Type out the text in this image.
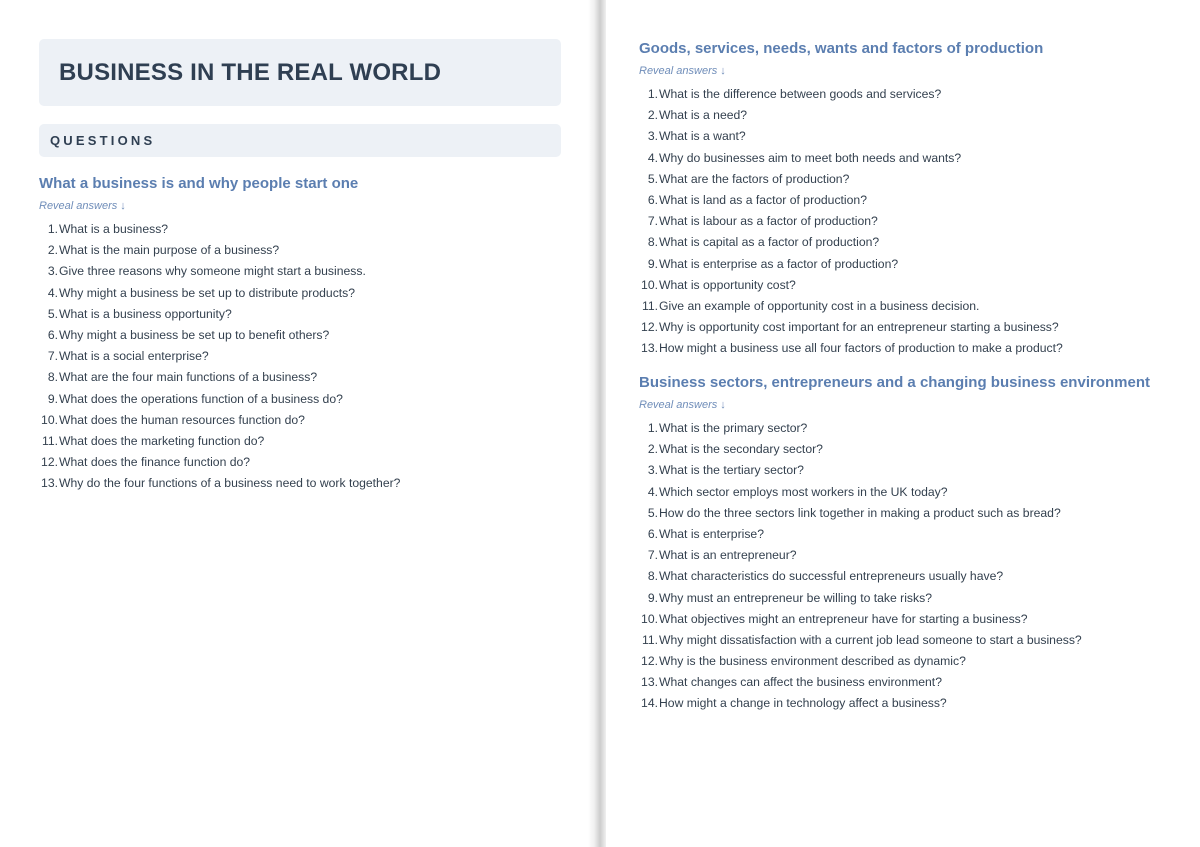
BUSINESS IN THE REAL WORLD
QUESTIONS
What a business is and why people start one
Reveal answers ↓
1. What is a business?
2. What is the main purpose of a business?
3. Give three reasons why someone might start a business.
4. Why might a business be set up to distribute products?
5. What is a business opportunity?
6. Why might a business be set up to benefit others?
7. What is a social enterprise?
8. What are the four main functions of a business?
9. What does the operations function of a business do?
10. What does the human resources function do?
11. What does the marketing function do?
12. What does the finance function do?
13. Why do the four functions of a business need to work together?
Goods, services, needs, wants and factors of production
Reveal answers ↓
1. What is the difference between goods and services?
2. What is a need?
3. What is a want?
4. Why do businesses aim to meet both needs and wants?
5. What are the factors of production?
6. What is land as a factor of production?
7. What is labour as a factor of production?
8. What is capital as a factor of production?
9. What is enterprise as a factor of production?
10. What is opportunity cost?
11. Give an example of opportunity cost in a business decision.
12. Why is opportunity cost important for an entrepreneur starting a business?
13. How might a business use all four factors of production to make a product?
Business sectors, entrepreneurs and a changing business environment
Reveal answers ↓
1. What is the primary sector?
2. What is the secondary sector?
3. What is the tertiary sector?
4. Which sector employs most workers in the UK today?
5. How do the three sectors link together in making a product such as bread?
6. What is enterprise?
7. What is an entrepreneur?
8. What characteristics do successful entrepreneurs usually have?
9. Why must an entrepreneur be willing to take risks?
10. What objectives might an entrepreneur have for starting a business?
11. Why might dissatisfaction with a current job lead someone to start a business?
12. Why is the business environment described as dynamic?
13. What changes can affect the business environment?
14. How might a change in technology affect a business?
